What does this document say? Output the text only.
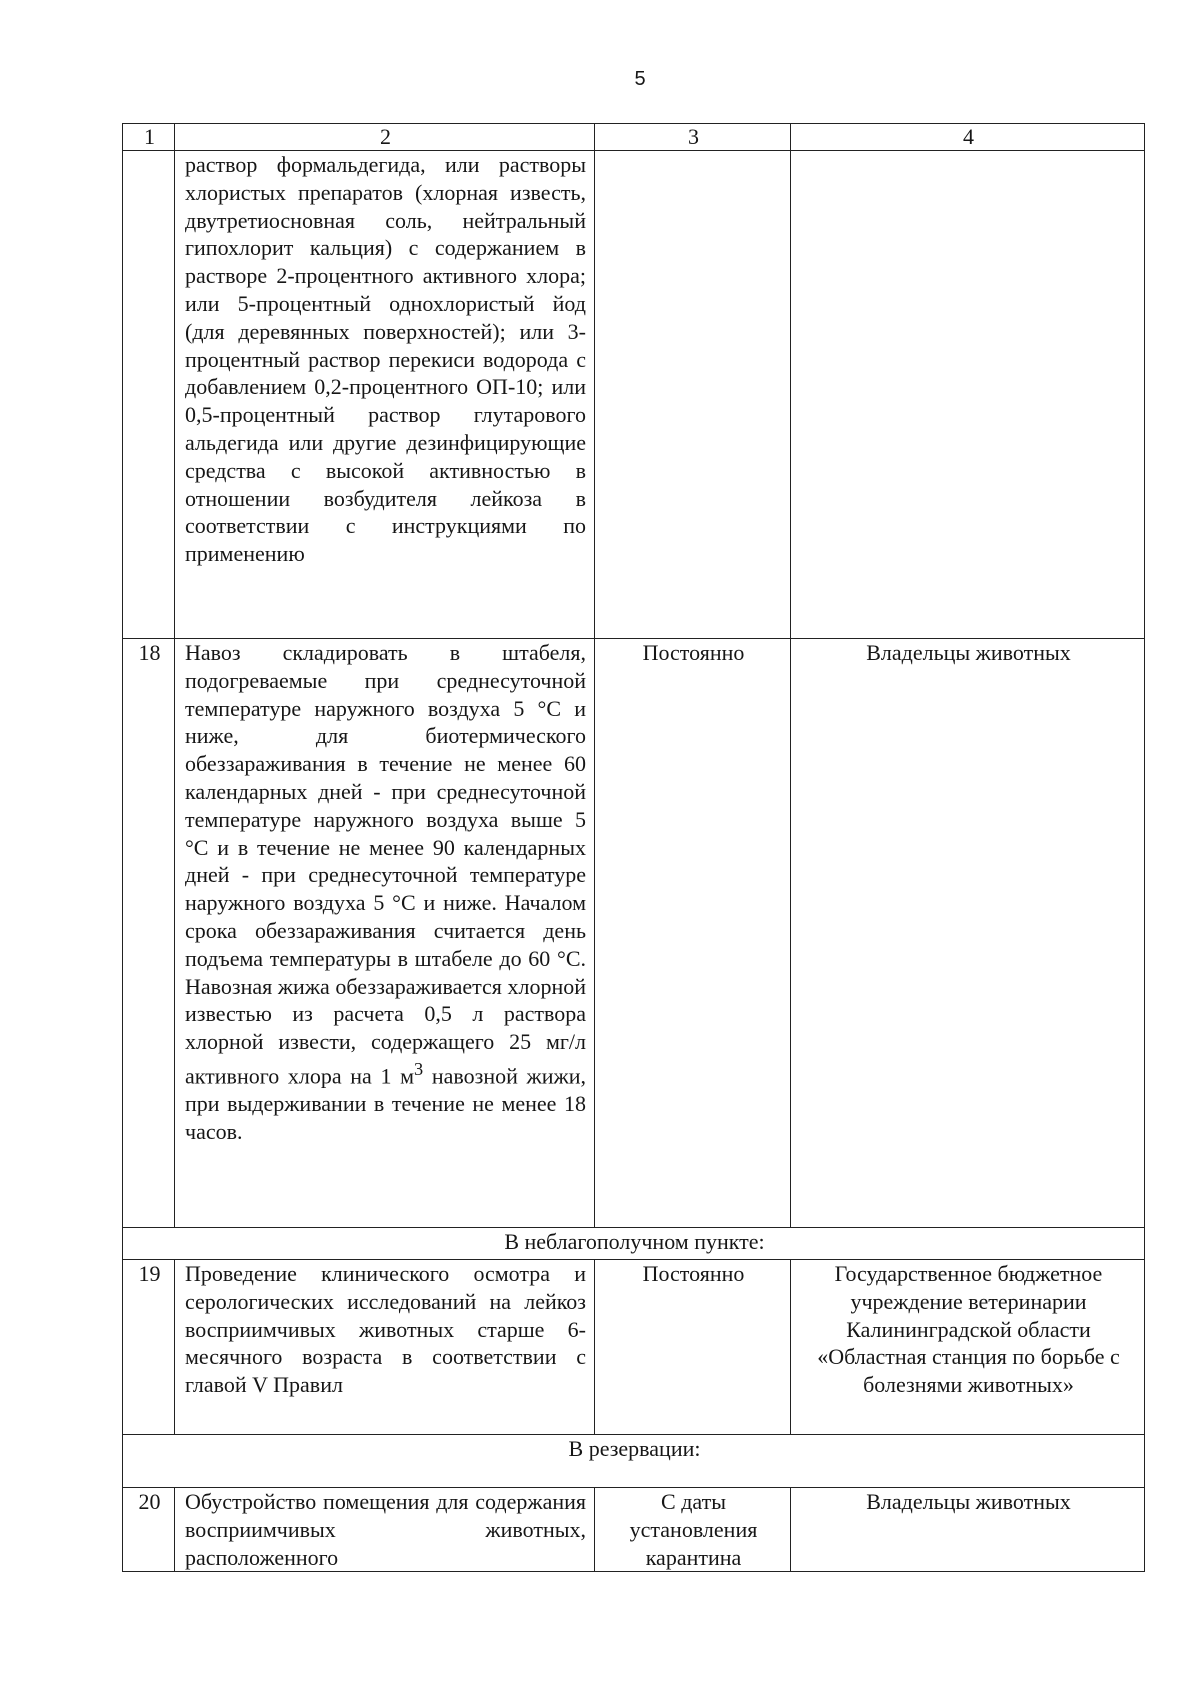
5
1	2	3	4
	раствор формальдегида, или растворы хлористых препаратов (хлорная известь, двутретиосновная соль, нейтральный гипохлорит кальция) с содержанием в растворе 2-процентного активного хлора; или 5-процентный однохлористый йод (для деревянных поверхностей); или 3-процентный раствор перекиси водорода с добавлением 0,2-процентного ОП-10; или 0,5-процентный раствор глутарового альдегида или другие дезинфицирующие средства с высокой активностью в отношении возбудителя лейкоза в соответствии с инструкциями по применению		
18	Навоз складировать в штабеля, подогреваемые при среднесуточной температуре наружного воздуха 5 °С и ниже, для биотермического обеззараживания в течение не менее 60 календарных дней - при среднесуточной температуре наружного воздуха выше 5 °С и в течение не менее 90 календарных дней - при среднесуточной температуре наружного воздуха 5 °С и ниже. Началом срока обеззараживания считается день подъема температуры в штабеле до 60 °С. Навозная жижа обеззараживается хлорной известью из расчета 0,5 л раствора хлорной извести, содержащего 25 мг/л активного хлора на 1 $м^3$ навозной жижи, при выдерживании в течение не менее 18 часов.	Постоянно	Владельцы животных
В неблагополучном пункте:			
19	Проведение клинического осмотра и серологических исследований на лейкоз восприимчивых животных старше 6-месячного возраста в соответствии с главой V Правил	Постоянно	Государственное бюджетное учреждение ветеринарии Калининградской области «Областная станция по борьбе с болезнями животных»
В резервации:			
20	Обустройство помещения для содержания восприимчивых животных, расположенного	С даты установления карантина	Владельцы животных
